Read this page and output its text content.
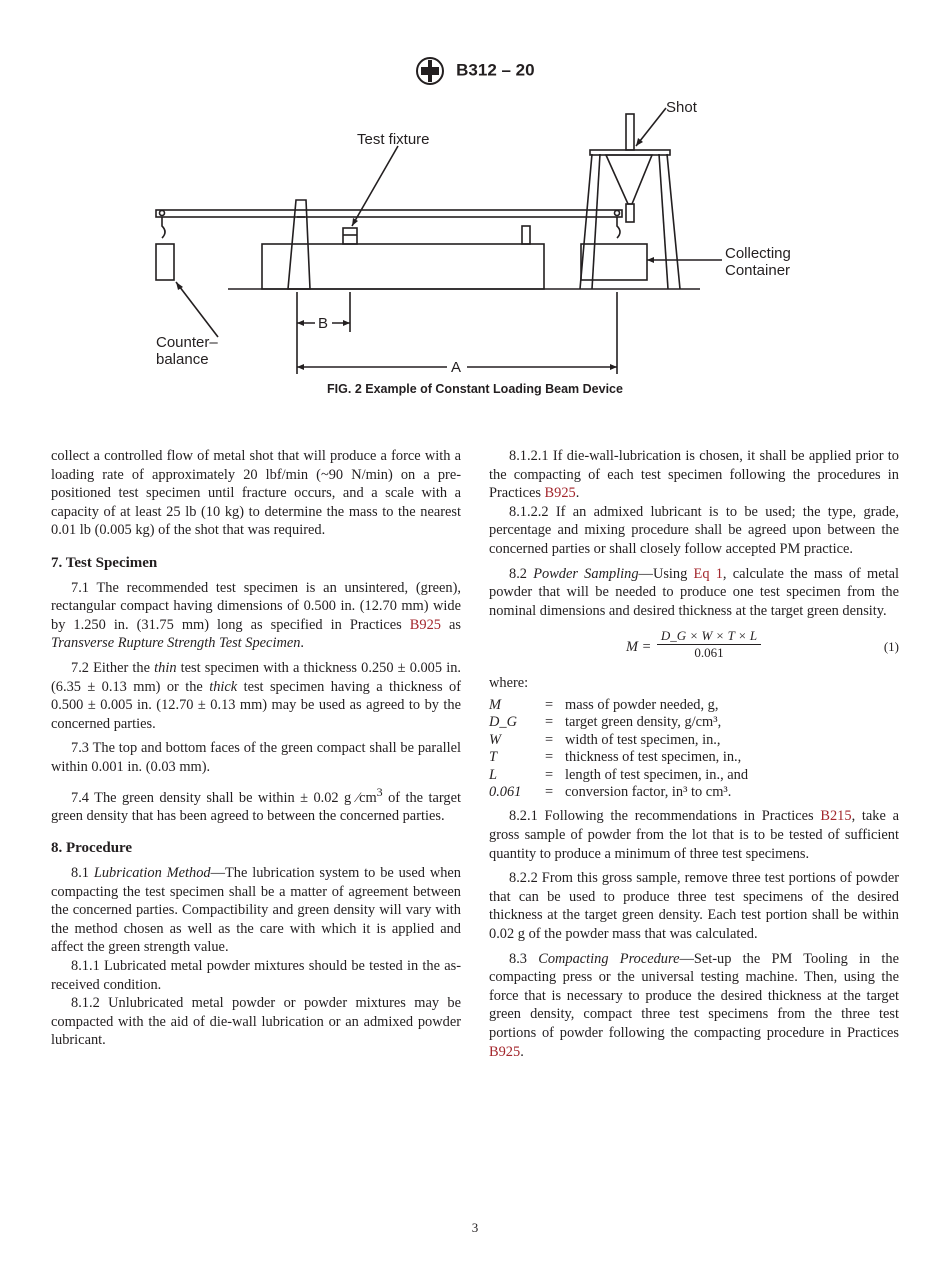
B312 – 20
Shot
Test fixture
Collecting
Container
Counter–
balance
B
A
FIG. 2 Example of Constant Loading Beam Device

collect a controlled flow of metal shot that will produce a force with a loading rate of approximately 20 lbf/min (~90 N/min) on a pre-positioned test specimen until fracture occurs, and a scale with a capacity of at least 25 lb (10 kg) to determine the mass to the nearest 0.01 lb (0.005 kg) of the shot that was required.

7. Test Specimen

7.1 The recommended test specimen is an unsintered, (green), rectangular compact having dimensions of 0.500 in. (12.70 mm) wide by 1.250 in. (31.75 mm) long as specified in Practices B925 as Transverse Rupture Strength Test Specimen.

7.2 Either the thin test specimen with a thickness 0.250 ± 0.005 in. (6.35 ± 0.13 mm) or the thick test specimen having a thickness of 0.500 ± 0.005 in. (12.70 ± 0.13 mm) may be used as agreed to by the concerned parties.

7.3 The top and bottom faces of the green compact shall be parallel within 0.001 in. (0.03 mm).

7.4 The green density shall be within ± 0.02 g $⁄cm^3$ of the target green density that has been agreed to between the concerned parties.

8. Procedure

8.1 Lubrication Method—The lubrication system to be used when compacting the test specimen shall be a matter of agreement between the concerned parties. Compactibility and green density will vary with the method chosen as well as the care with which it is applied and affect the green strength value.

8.1.1 Lubricated metal powder mixtures should be tested in the as-received condition.

8.1.2 Unlubricated metal powder or powder mixtures may be compacted with the aid of die-wall lubrication or an admixed powder lubricant.

8.1.2.1 If die-wall-lubrication is chosen, it shall be applied prior to the compacting of each test specimen following the procedures in Practices B925.

8.1.2.2 If an admixed lubricant is to be used; the type, grade, percentage and mixing procedure shall be agreed upon between the concerned parties or shall closely follow accepted PM practice.

8.2 Powder Sampling—Using Eq 1, calculate the mass of metal powder that will be needed to produce one test specimen from the nominal dimensions and desired thickness at the target green density.

$M = \frac{D\_G \times W \times T \times L}{0.061}$	(1)

where:

M	=	mass of powder needed, g,
D_G	=	target green density, g/cm³,
W	=	width of test specimen, in.,
T	=	thickness of test specimen, in.,
L	=	length of test specimen, in., and
0.061	=	conversion factor, in³ to cm³.

8.2.1 Following the recommendations in Practices B215, take a gross sample of powder from the lot that is to be tested of sufficient quantity to produce a minimum of three test specimens.

8.2.2 From this gross sample, remove three test portions of powder that can be used to produce three test specimens of the desired thickness at the target green density. Each test portion shall be within 0.02 g of the powder mass that was calculated.

8.3 Compacting Procedure—Set-up the PM Tooling in the compacting press or the universal testing machine. Then, using the force that is necessary to produce the desired thickness at the target green density, compact three test specimens from the three test portions of powder following the compacting procedure in Practices B925.

3
